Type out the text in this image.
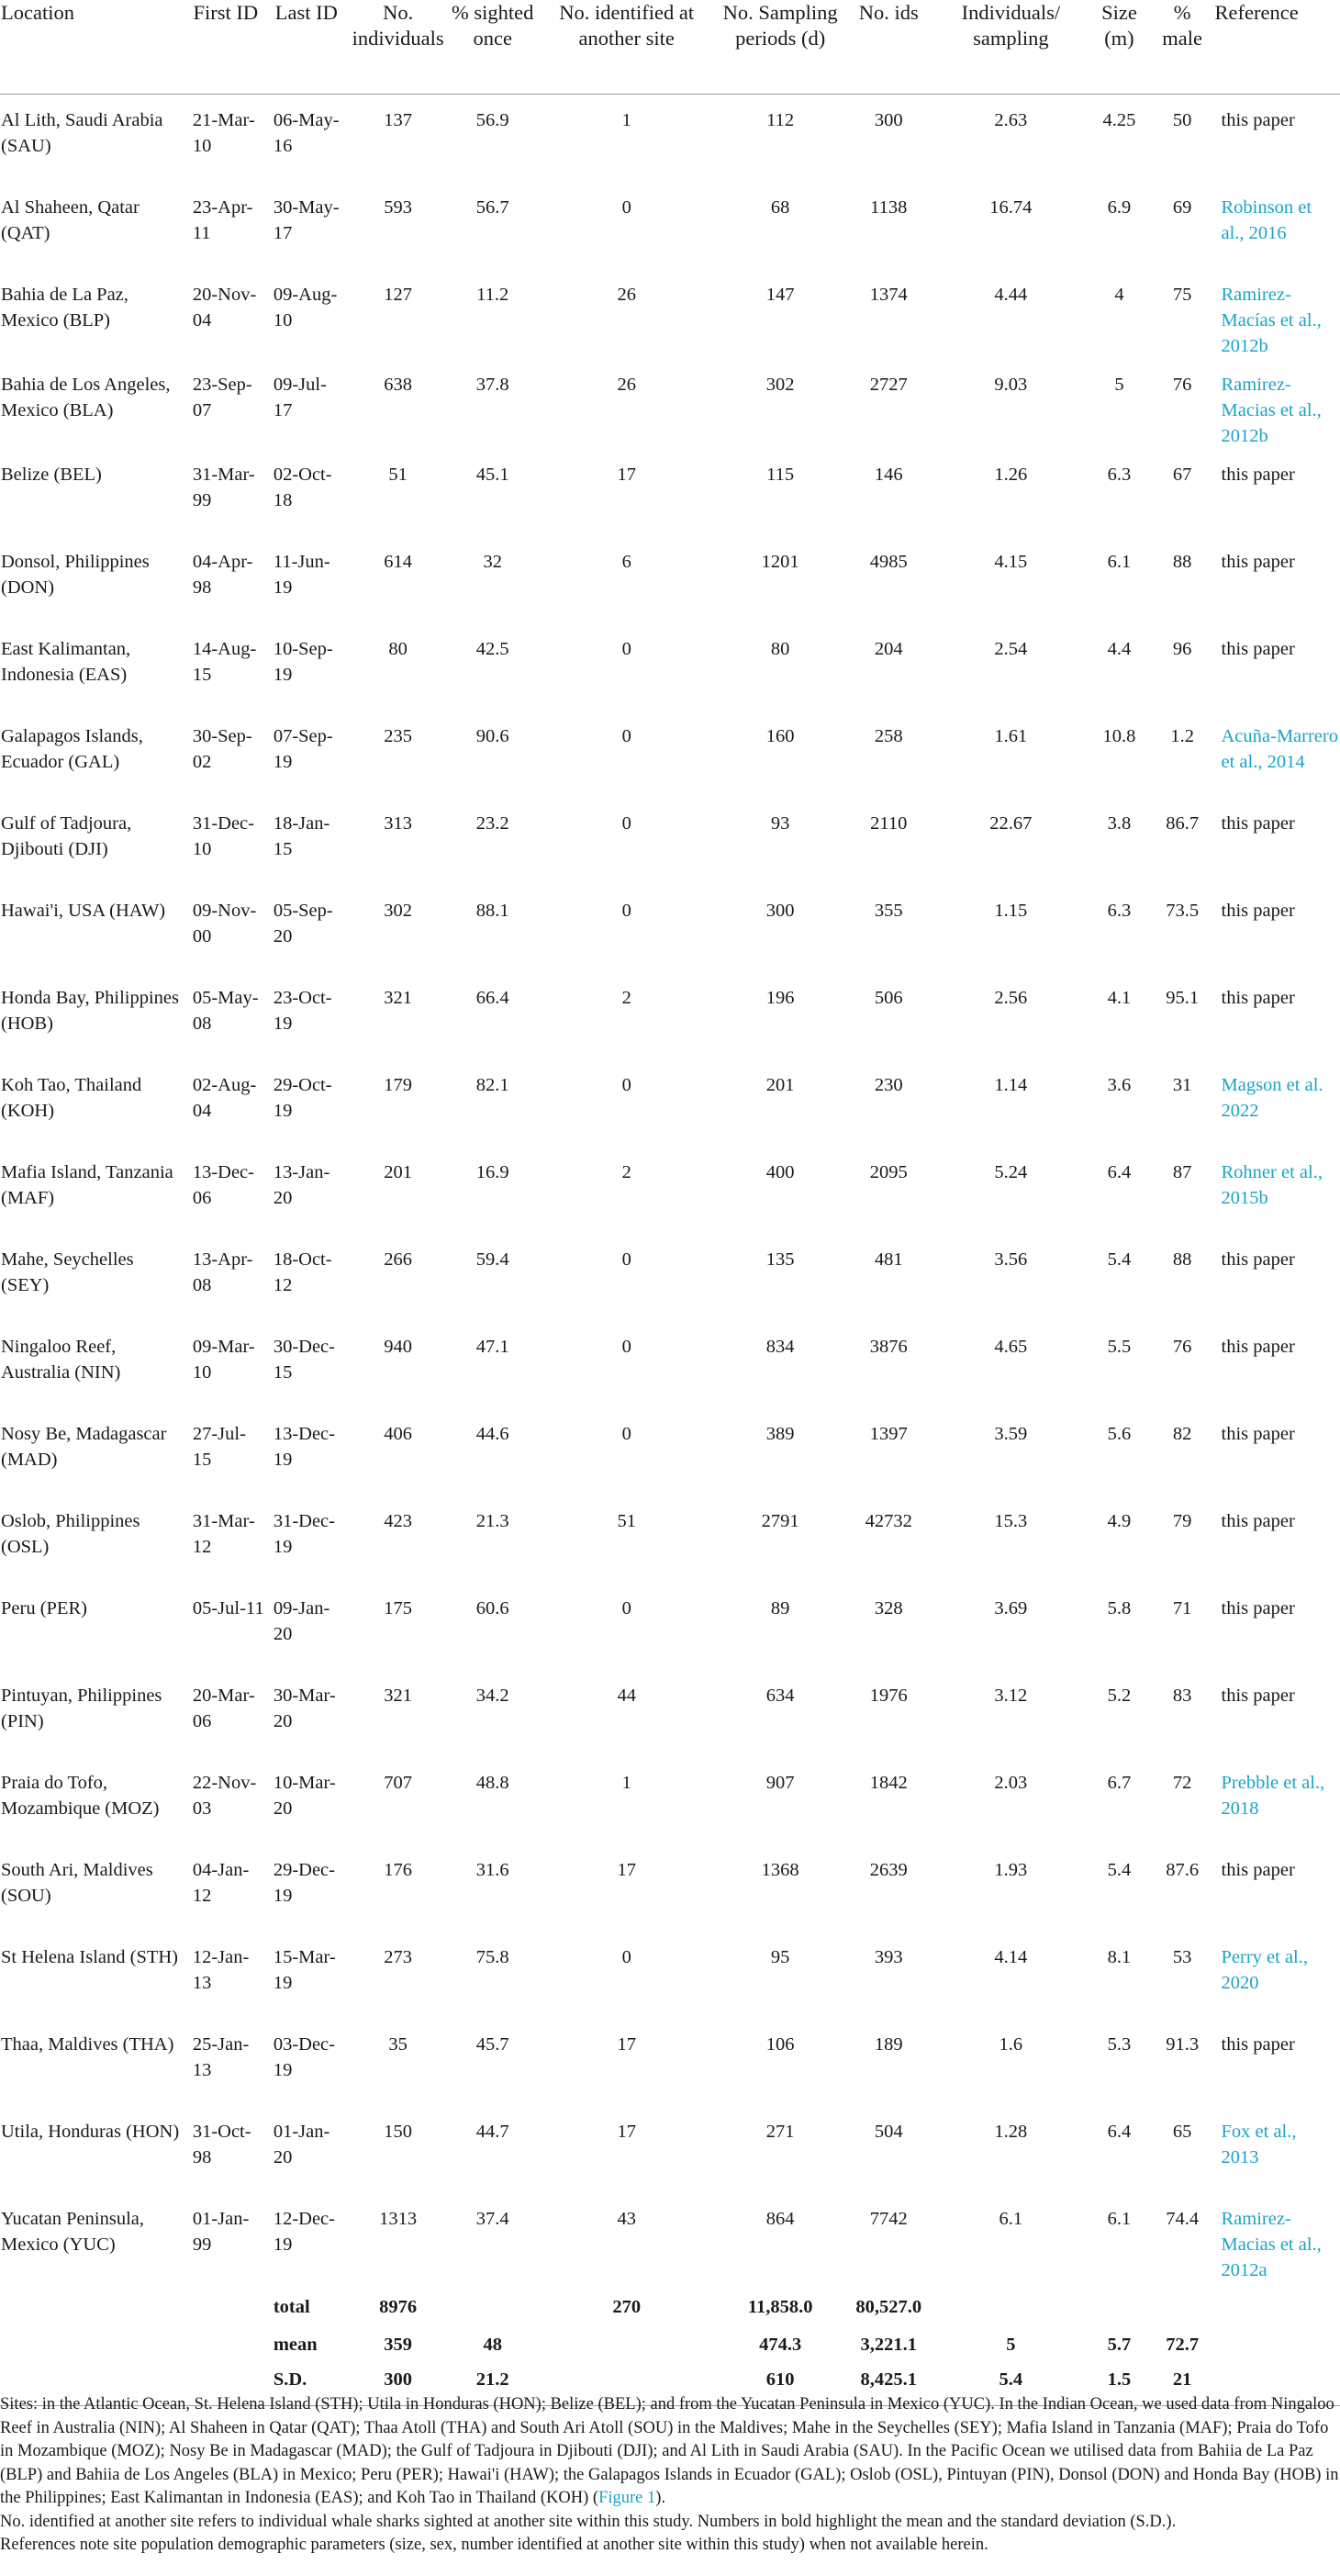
Location	First ID	Last ID	No. individuals	% sighted once	No. identified at another site	No. Sampling periods (d)	No. ids	Individuals/ sampling	Size (m)	% male	Reference
Al Lith, Saudi Arabia (SAU)	21-Mar-10	06-May-16	137	56.9	1	112	300	2.63	4.25	50	this paper
Al Shaheen, Qatar (QAT)	23-Apr-11	30-May-17	593	56.7	0	68	1138	16.74	6.9	69	Robinson et al., 2016
Bahia de La Paz, Mexico (BLP)	20-Nov-04	09-Aug-10	127	11.2	26	147	1374	4.44	4	75	Ramirez-Macías et al., 2012b
Bahia de Los Angeles, Mexico (BLA)	23-Sep-07	09-Jul-17	638	37.8	26	302	2727	9.03	5	76	Ramirez-Macias et al., 2012b
Belize (BEL)	31-Mar-99	02-Oct-18	51	45.1	17	115	146	1.26	6.3	67	this paper
Donsol, Philippines (DON)	04-Apr-98	11-Jun-19	614	32	6	1201	4985	4.15	6.1	88	this paper
East Kalimantan, Indonesia (EAS)	14-Aug-15	10-Sep-19	80	42.5	0	80	204	2.54	4.4	96	this paper
Galapagos Islands, Ecuador (GAL)	30-Sep-02	07-Sep-19	235	90.6	0	160	258	1.61	10.8	1.2	Acuña-Marrero et al., 2014
Gulf of Tadjoura, Djibouti (DJI)	31-Dec-10	18-Jan-15	313	23.2	0	93	2110	22.67	3.8	86.7	this paper
Hawai'i, USA (HAW)	09-Nov-00	05-Sep-20	302	88.1	0	300	355	1.15	6.3	73.5	this paper
Honda Bay, Philippines (HOB)	05-May-08	23-Oct-19	321	66.4	2	196	506	2.56	4.1	95.1	this paper
Koh Tao, Thailand (KOH)	02-Aug-04	29-Oct-19	179	82.1	0	201	230	1.14	3.6	31	Magson et al. 2022
Mafia Island, Tanzania (MAF)	13-Dec-06	13-Jan-20	201	16.9	2	400	2095	5.24	6.4	87	Rohner et al., 2015b
Mahe, Seychelles (SEY)	13-Apr-08	18-Oct-12	266	59.4	0	135	481	3.56	5.4	88	this paper
Ningaloo Reef, Australia (NIN)	09-Mar-10	30-Dec-15	940	47.1	0	834	3876	4.65	5.5	76	this paper
Nosy Be, Madagascar (MAD)	27-Jul-15	13-Dec-19	406	44.6	0	389	1397	3.59	5.6	82	this paper
Oslob, Philippines (OSL)	31-Mar-12	31-Dec-19	423	21.3	51	2791	42732	15.3	4.9	79	this paper
Peru (PER)	05-Jul-11	09-Jan-20	175	60.6	0	89	328	3.69	5.8	71	this paper
Pintuyan, Philippines (PIN)	20-Mar-06	30-Mar-20	321	34.2	44	634	1976	3.12	5.2	83	this paper
Praia do Tofo, Mozambique (MOZ)	22-Nov-03	10-Mar-20	707	48.8	1	907	1842	2.03	6.7	72	Prebble et al., 2018
South Ari, Maldives (SOU)	04-Jan-12	29-Dec-19	176	31.6	17	1368	2639	1.93	5.4	87.6	this paper
St Helena Island (STH)	12-Jan-13	15-Mar-19	273	75.8	0	95	393	4.14	8.1	53	Perry et al., 2020
Thaa, Maldives (THA)	25-Jan-13	03-Dec-19	35	45.7	17	106	189	1.6	5.3	91.3	this paper
Utila, Honduras (HON)	31-Oct-98	01-Jan-20	150	44.7	17	271	504	1.28	6.4	65	Fox et al., 2013
Yucatan Peninsula, Mexico (YUC)	01-Jan-99	12-Dec-19	1313	37.4	43	864	7742	6.1	6.1	74.4	Ramirez-Macias et al., 2012a
		total	8976		270	11,858.0	80,527.0				
		mean	359	48		474.3	3,221.1	5	5.7	72.7	
		S.D.	300	21.2		610	8,425.1	5.4	1.5	21	

Sites: in the Atlantic Ocean, St. Helena Island (STH); Utila in Honduras (HON); Belize (BEL); and from the Yucatan Peninsula in Mexico (YUC). In the Indian Ocean, we used data from Ningaloo Reef in Australia (NIN); Al Shaheen in Qatar (QAT); Thaa Atoll (THA) and South Ari Atoll (SOU) in the Maldives; Mahe in the Seychelles (SEY); Mafia Island in Tanzania (MAF); Praia do Tofo in Mozambique (MOZ); Nosy Be in Madagascar (MAD); the Gulf of Tadjoura in Djibouti (DJI); and Al Lith in Saudi Arabia (SAU). In the Pacific Ocean we utilised data from Bahiia de La Paz (BLP) and Bahiia de Los Angeles (BLA) in Mexico; Peru (PER); Hawai'i (HAW); the Galapagos Islands in Ecuador (GAL); Oslob (OSL), Pintuyan (PIN), Donsol (DON) and Honda Bay (HOB) in the Philippines; East Kalimantan in Indonesia (EAS); and Koh Tao in Thailand (KOH) (Figure 1).

No. identified at another site refers to individual whale sharks sighted at another site within this study. Numbers in bold highlight the mean and the standard deviation (S.D.).

References note site population demographic parameters (size, sex, number identified at another site within this study) when not available herein.
